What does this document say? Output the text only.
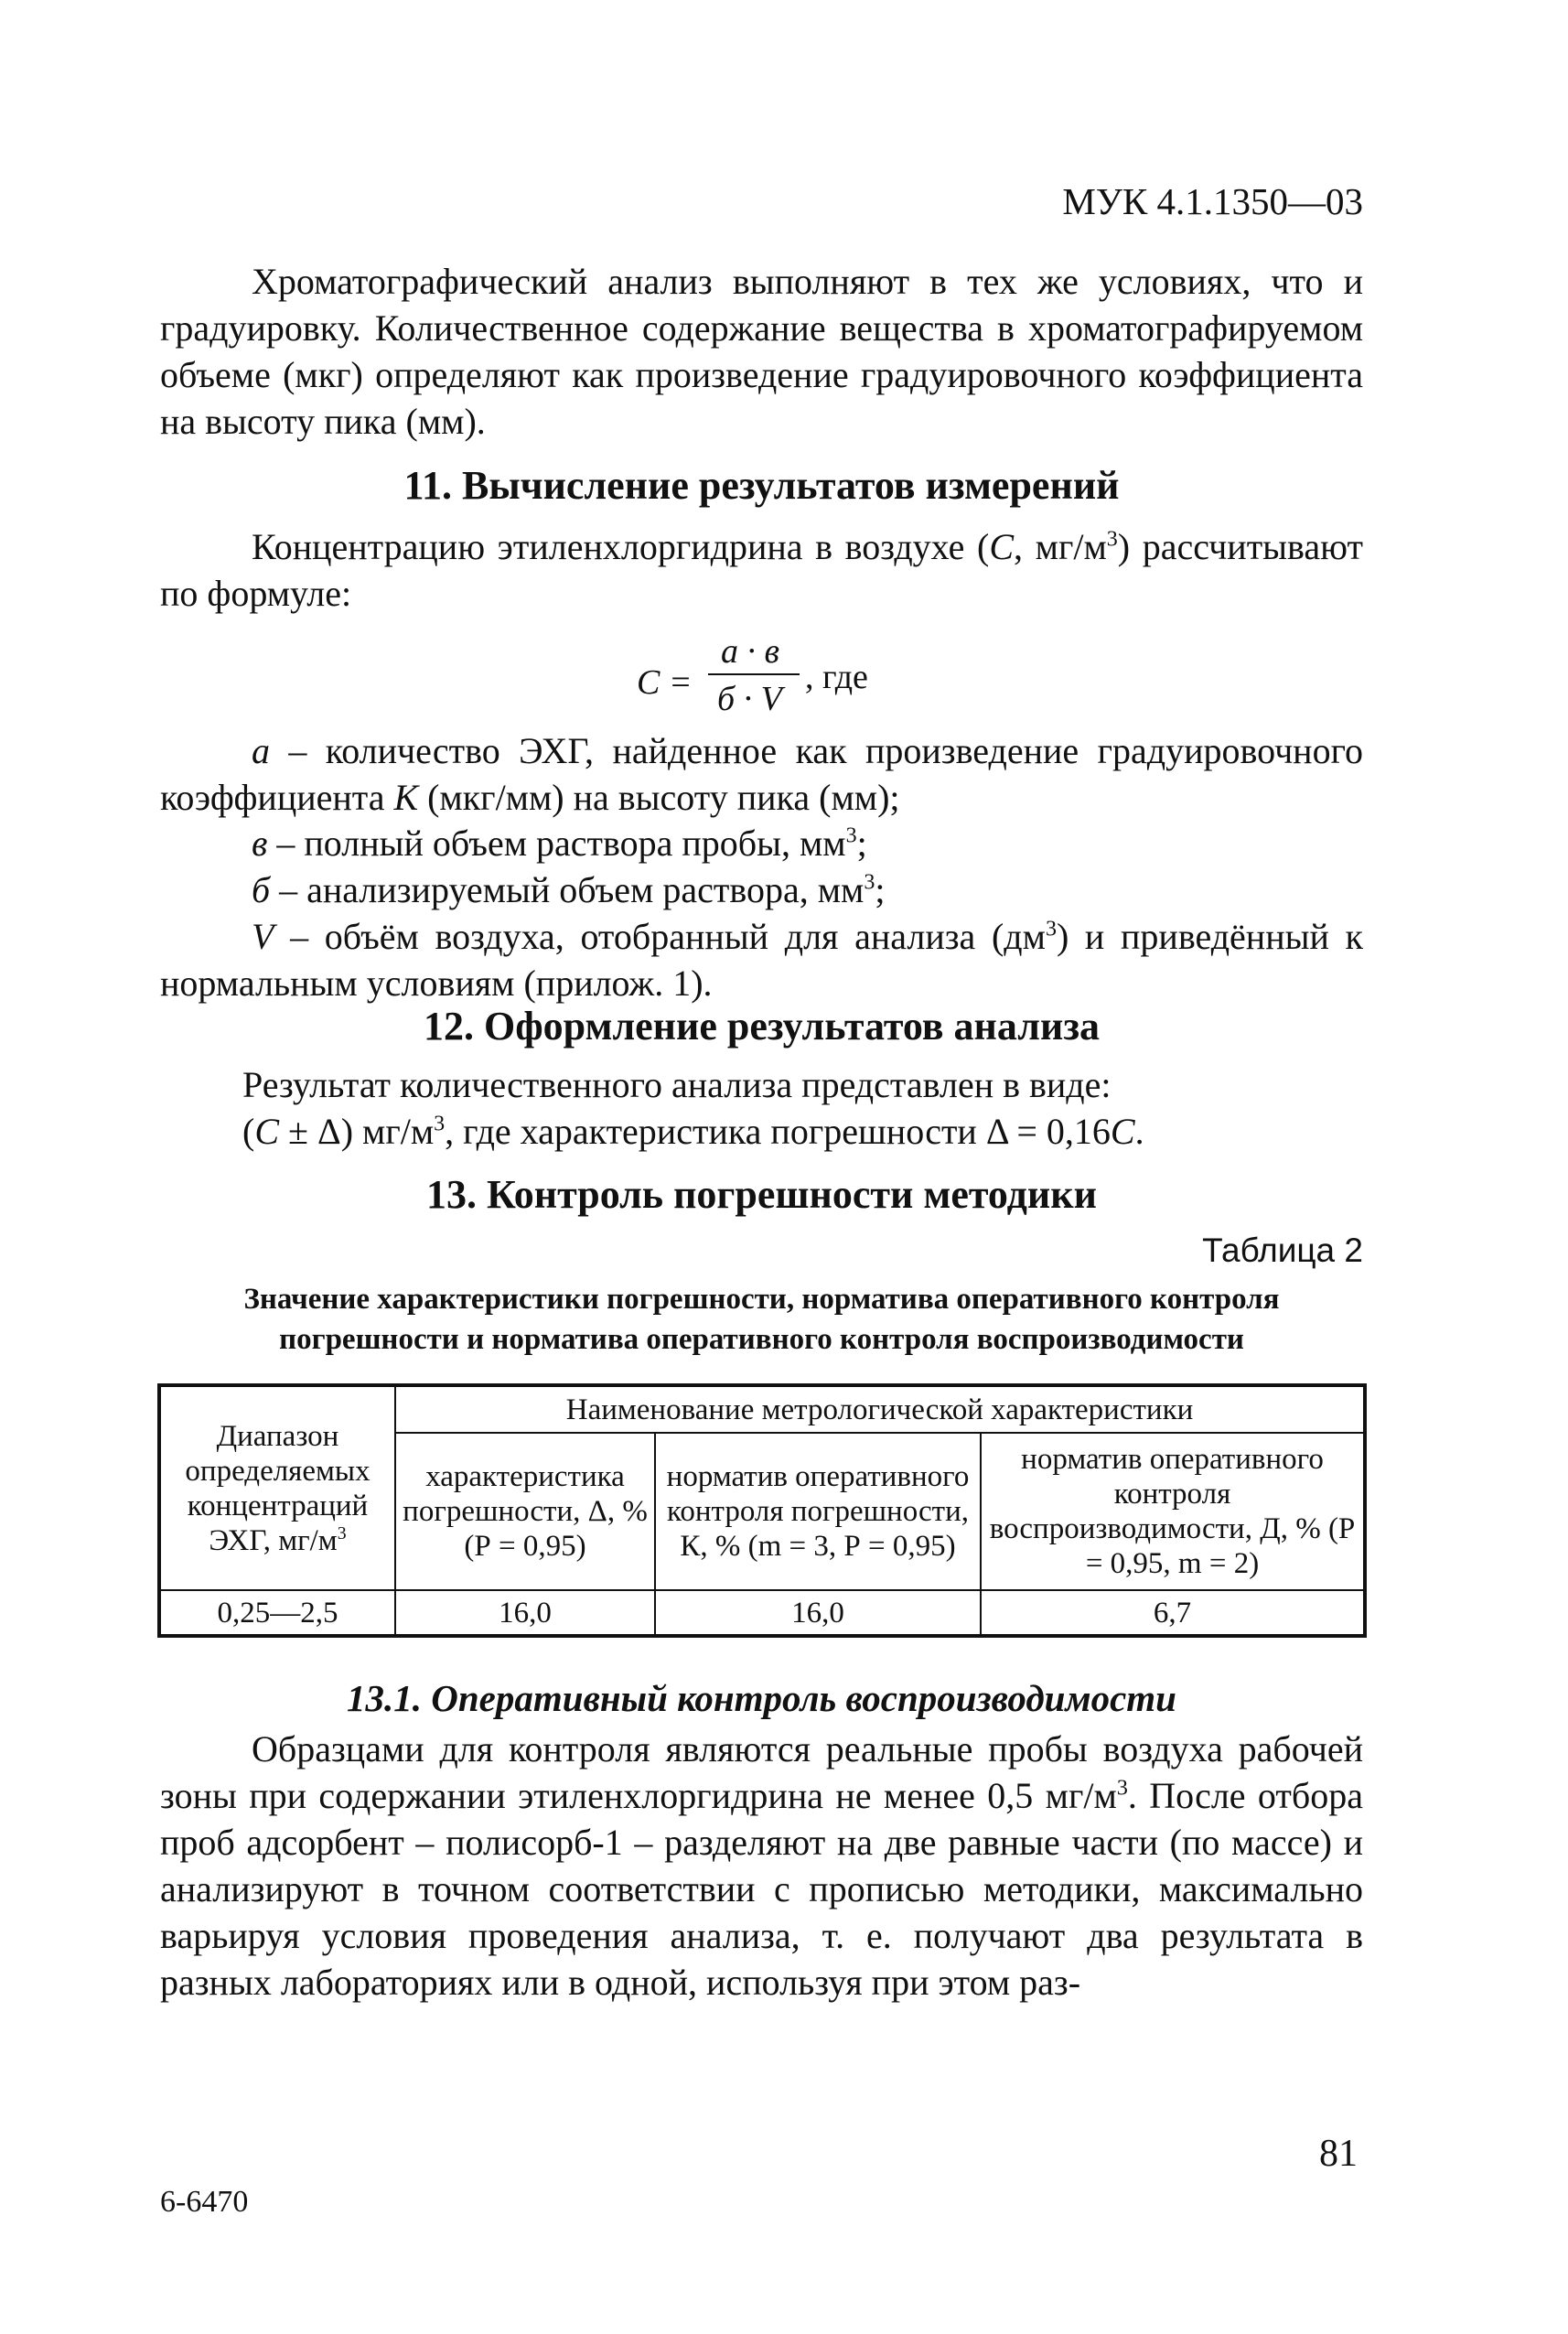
МУК 4.1.1350—03
Хроматографический анализ выполняют в тех же условиях, что и градуировку. Количественное содержание вещества в хроматографируемом объеме (мкг) определяют как произведение градуировочного коэффициента на высоту пика (мм).
11. Вычисление результатов измерений
Концентрацию этиленхлоргидрина в воздухе (С, $мг/м^3$) рассчитывают по формуле:
С =
а · в
б · V
, где
а – количество ЭХГ, найденное как произведение градуировочного коэффициента К (мкг/мм) на высоту пика (мм);
в – полный объем раствора пробы, $мм^3$;
б – анализируемый объем раствора, $мм^3$;
V – объём воздуха, отобранный для анализа $(дм^3)$ и приведённый к нормальным условиям (прилож. 1).
12. Оформление результатов анализа
Результат количественного анализа представлен в виде:
(С ± Δ) $мг/м^3$, где характеристика погрешности Δ = 0,16С.
13. Контроль погрешности методики
Таблица 2
Значение характеристики погрешности, норматива оперативного контроля
погрешности и норматива оперативного контроля воспроизводимости
Диапазон определяемых концентраций ЭХГ, $мг/м^3$	Наименование метрологической характеристики		
	характеристика погрешности, Δ, % (Р = 0,95)	норматив оперативного контроля погрешности, К, % (m = 3, Р = 0,95)	норматив оперативного контроля воспроизводимости, Д, % (Р = 0,95, m = 2)
0,25—2,5	16,0	16,0	6,7
13.1. Оперативный контроль воспроизводимости
Образцами для контроля являются реальные пробы воздуха рабочей зоны при содержании этиленхлоргидрина не менее 0,5 $мг/м^3$. После отбора проб адсорбент – полисорб-1 – разделяют на две равные части (по массе) и анализируют в точном соответствии с прописью методики, максимально варьируя условия проведения анализа, т. е. получают два результата в разных лабораториях или в одной, используя при этом раз-
81
6-6470
